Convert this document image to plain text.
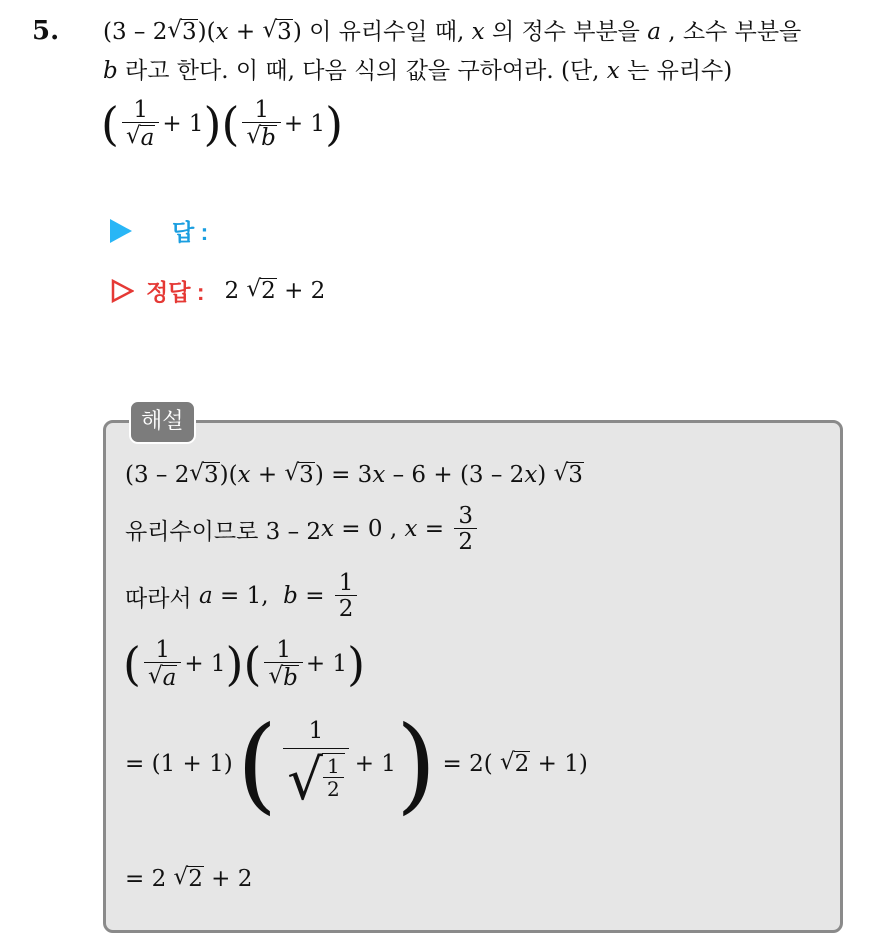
5. (3 – 2 √ 3 )( x
+
√ 3 ) 이 유리수일 때, x 의 정수 부분을 a , 소수 부분을
b 라고 한다. 이 때, 다음 식의 값을 구하여라. (단, x 는 유리수)
( $\frac{1}{√ a} + 1$ ) ( $\frac{1}{√ b} + 1$ )
답 :
정답 : 2
√ 2
+ 2
해설
(3 – 2 √ 3 )( x
+
√ 3 ) = 3 x – 6 + (3 – 2 x )
√ 3
유리수이므로 3 – 2 x = 0 , $x = \frac{3}{2}$
따라서 a = 1, $b = \frac{1}{2}$
( $\frac{1}{√ a} + 1$ ) ( $\frac{1}{√ b} + 1$ )
= (1 + 1) ( $\frac{1}{√ \frac{1}{2}} + 1$ ) = 2(
√ 2
+ 1)
= 2
√ 2
+ 2
